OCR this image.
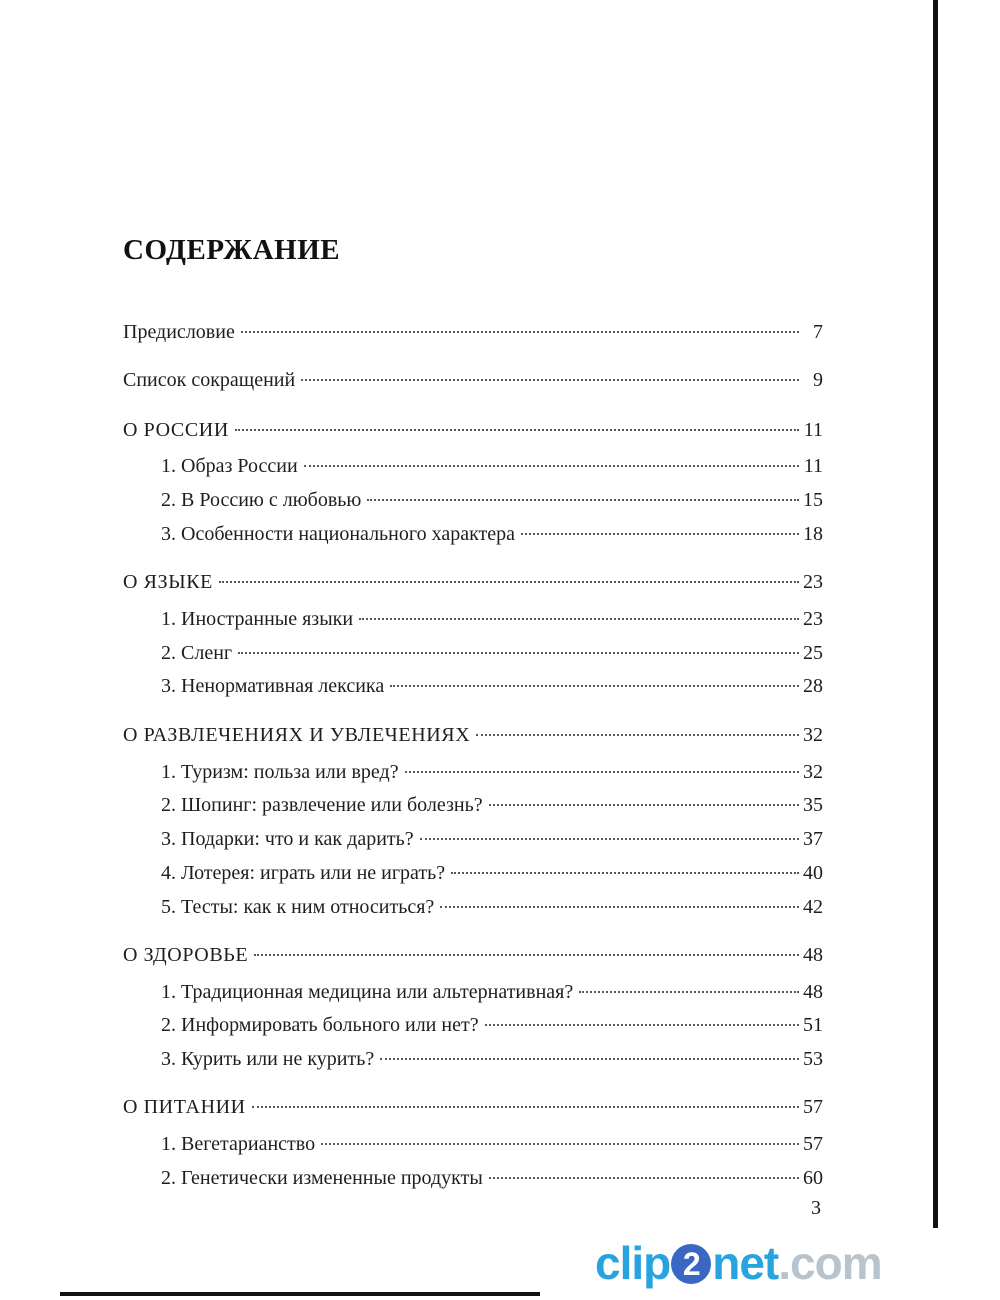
СОДЕРЖАНИЕ
Предисловие	7
Список сокращений	9
О РОССИИ	11
1. Образ России	11
2. В Россию с любовью	15
3. Особенности национального характера	18
О ЯЗЫКЕ	23
1. Иностранные языки	23
2. Сленг	25
3. Ненормативная лексика	28
О РАЗВЛЕЧЕНИЯХ И УВЛЕЧЕНИЯХ	32
1. Туризм: польза или вред?	32
2. Шопинг: развлечение или болезнь?	35
3. Подарки: что и как дарить?	37
4. Лотерея: играть или не играть?	40
5. Тесты: как к ним относиться?	42
О ЗДОРОВЬЕ	48
1. Традиционная медицина или альтернативная?	48
2. Информировать больного или нет?	51
3. Курить или не курить?	53
О ПИТАНИИ	57
1. Вегетарианство	57
2. Генетически измененные продукты	60
3
clip 2 net.com
